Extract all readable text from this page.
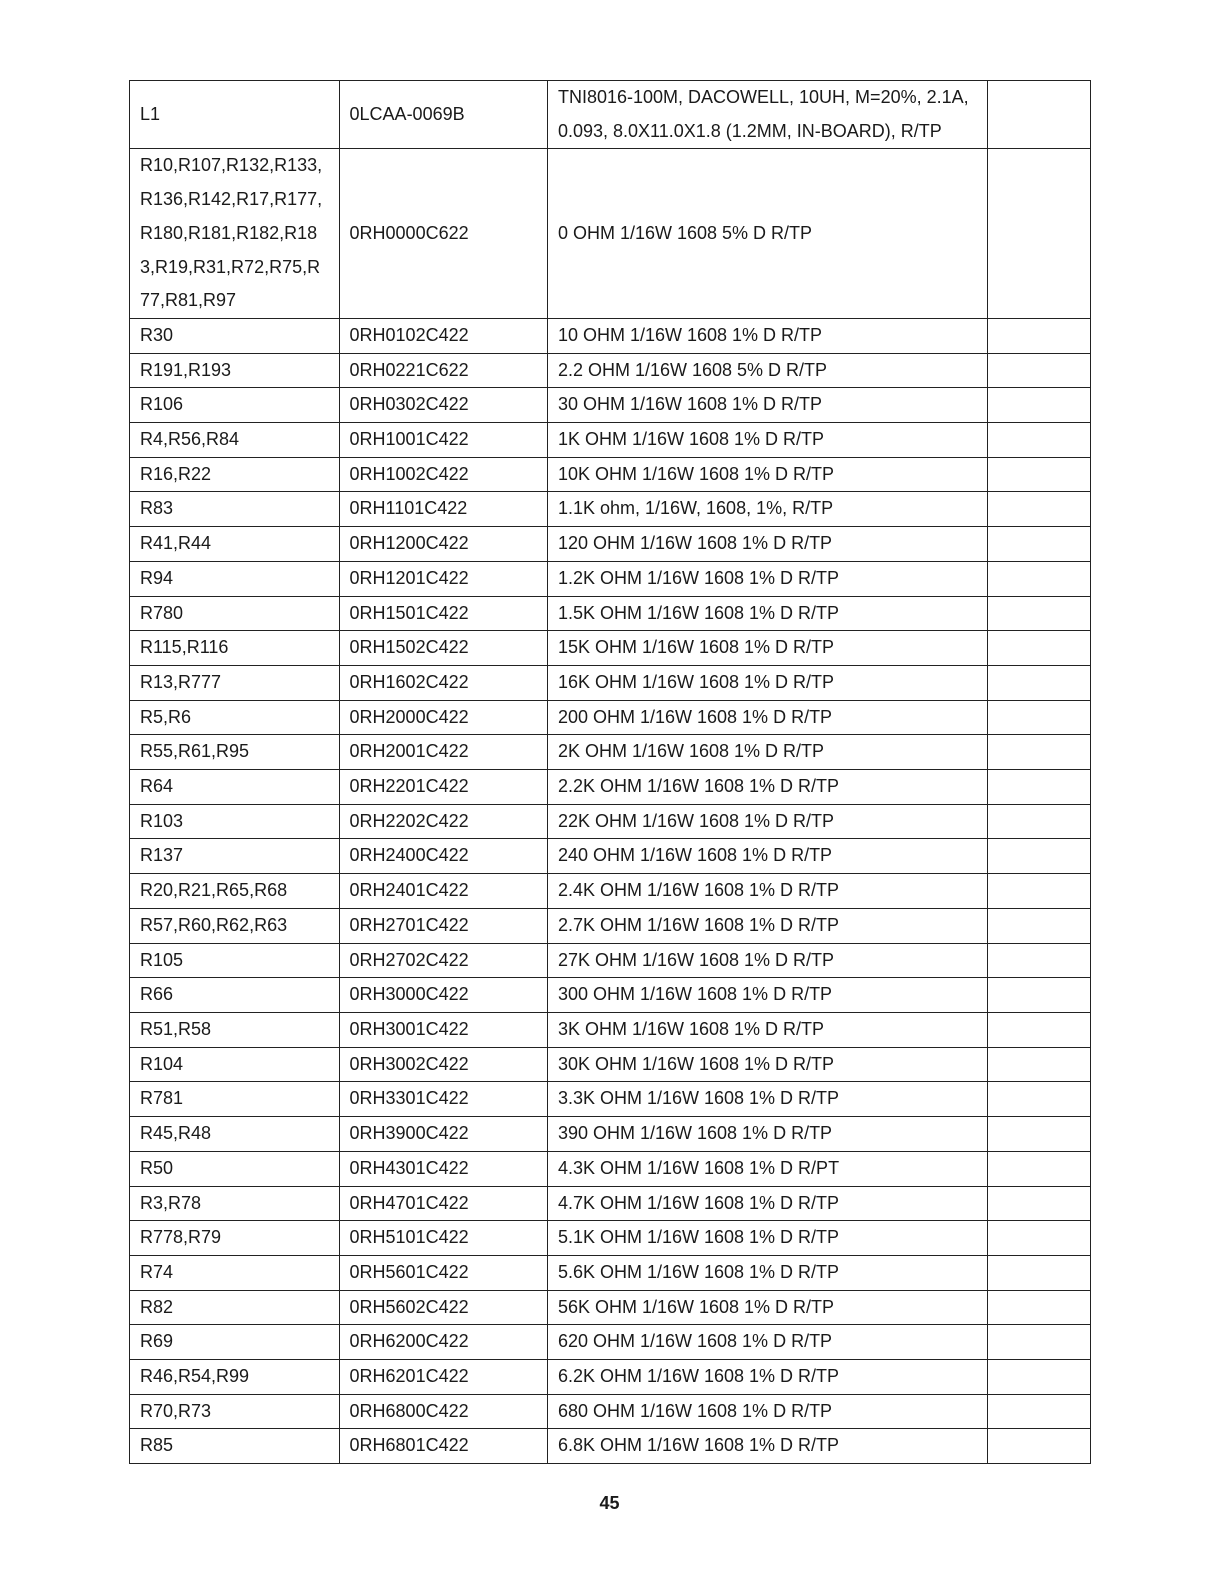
L1	0LCAA-0069B	TNI8016-100M, DACOWELL, 10UH, M=20%, 2.1A, 0.093, 8.0X11.0X1.8 (1.2MM, IN-BOARD), R/TP	
R10,R107,R132,R133,R136,R142,R17,R177,R180,R181,R182,R183,R19,R31,R72,R75,R77,R81,R97	0RH0000C622	0 OHM 1/16W 1608 5% D R/TP	
R30	0RH0102C422	10 OHM 1/16W 1608 1% D R/TP	
R191,R193	0RH0221C622	2.2 OHM 1/16W 1608 5% D R/TP	
R106	0RH0302C422	30 OHM 1/16W 1608 1% D R/TP	
R4,R56,R84	0RH1001C422	1K OHM 1/16W 1608 1% D R/TP	
R16,R22	0RH1002C422	10K OHM 1/16W 1608 1% D R/TP	
R83	0RH1101C422	1.1K ohm, 1/16W, 1608, 1%, R/TP	
R41,R44	0RH1200C422	120 OHM 1/16W 1608 1% D R/TP	
R94	0RH1201C422	1.2K OHM 1/16W 1608 1% D R/TP	
R780	0RH1501C422	1.5K OHM 1/16W 1608 1% D R/TP	
R115,R116	0RH1502C422	15K OHM 1/16W 1608 1% D R/TP	
R13,R777	0RH1602C422	16K OHM 1/16W 1608 1% D R/TP	
R5,R6	0RH2000C422	200 OHM 1/16W 1608 1% D R/TP	
R55,R61,R95	0RH2001C422	2K OHM 1/16W 1608 1% D R/TP	
R64	0RH2201C422	2.2K OHM 1/16W 1608 1% D R/TP	
R103	0RH2202C422	22K OHM 1/16W 1608 1% D R/TP	
R137	0RH2400C422	240 OHM 1/16W 1608 1% D R/TP	
R20,R21,R65,R68	0RH2401C422	2.4K OHM 1/16W 1608 1% D R/TP	
R57,R60,R62,R63	0RH2701C422	2.7K OHM 1/16W 1608 1% D R/TP	
R105	0RH2702C422	27K OHM 1/16W 1608 1% D R/TP	
R66	0RH3000C422	300 OHM 1/16W 1608 1% D R/TP	
R51,R58	0RH3001C422	3K OHM 1/16W 1608 1% D R/TP	
R104	0RH3002C422	30K OHM 1/16W 1608 1% D R/TP	
R781	0RH3301C422	3.3K OHM 1/16W 1608 1% D R/TP	
R45,R48	0RH3900C422	390 OHM 1/16W 1608 1% D R/TP	
R50	0RH4301C422	4.3K OHM 1/16W 1608 1% D R/PT	
R3,R78	0RH4701C422	4.7K OHM 1/16W 1608 1% D R/TP	
R778,R79	0RH5101C422	5.1K OHM 1/16W 1608 1% D R/TP	
R74	0RH5601C422	5.6K OHM 1/16W 1608 1% D R/TP	
R82	0RH5602C422	56K OHM 1/16W 1608 1% D R/TP	
R69	0RH6200C422	620 OHM 1/16W 1608 1% D R/TP	
R46,R54,R99	0RH6201C422	6.2K OHM 1/16W 1608 1% D R/TP	
R70,R73	0RH6800C422	680 OHM 1/16W 1608 1% D R/TP	
R85	0RH6801C422	6.8K OHM 1/16W 1608 1% D R/TP	
45
